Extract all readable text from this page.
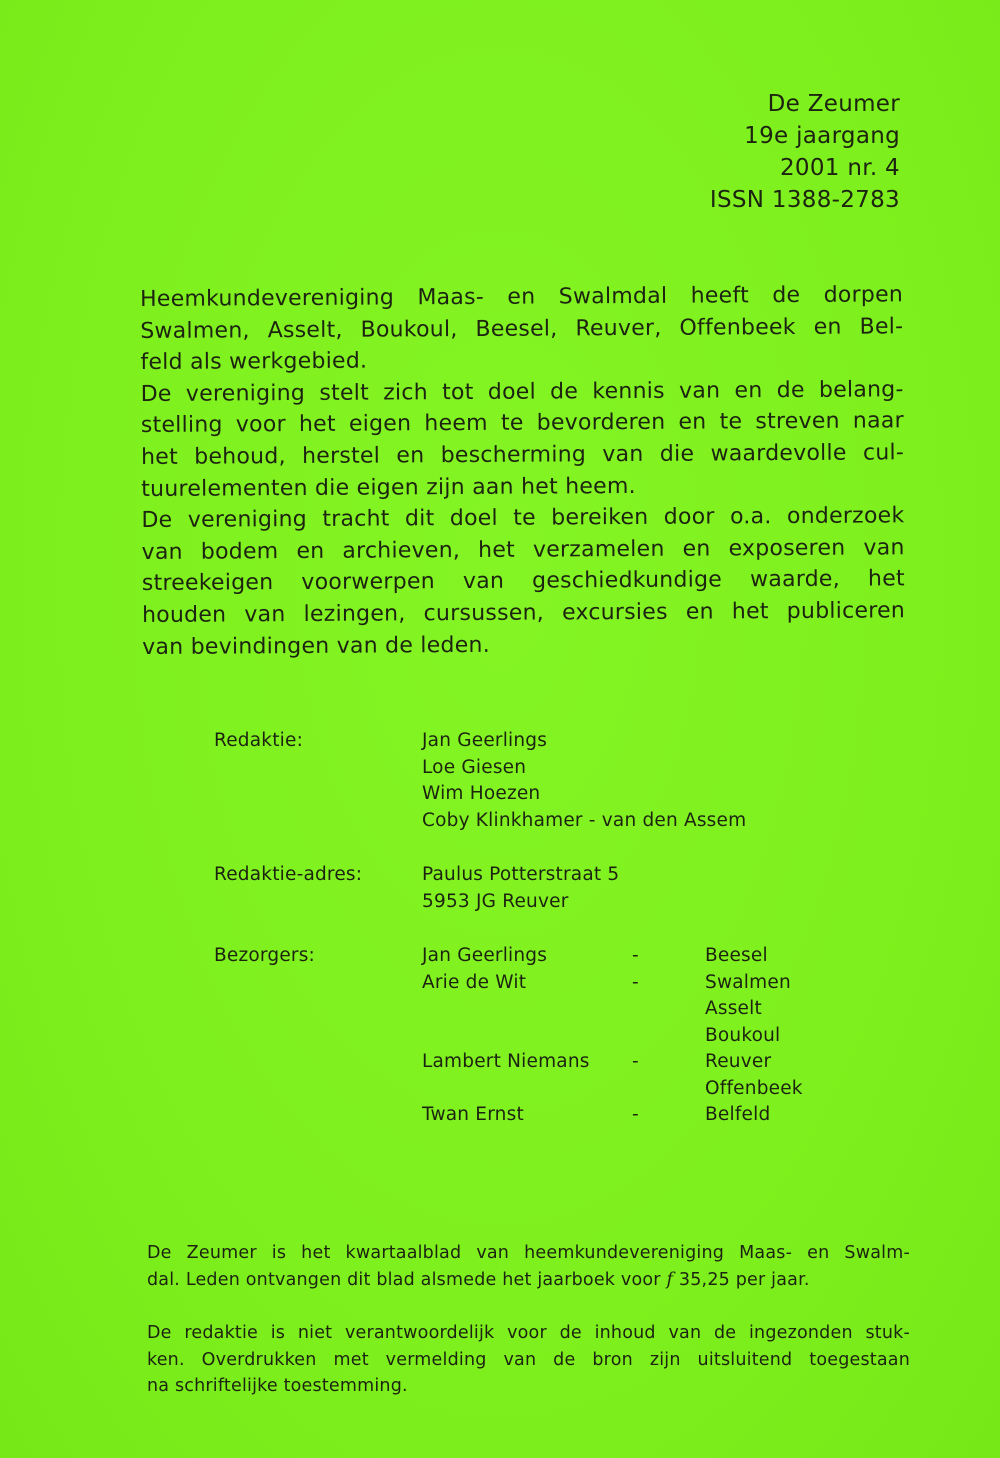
De Zeumer
19e jaargang
2001 nr. 4
ISSN 1388-2783
Heemkundevereniging Maas- en Swalmdal heeft de dorpen
Swalmen, Asselt, Boukoul, Beesel, Reuver, Offenbeek en Bel-
feld als werkgebied.
De vereniging stelt zich tot doel de kennis van en de belang-
stelling voor het eigen heem te bevorderen en te streven naar
het behoud, herstel en bescherming van die waardevolle cul-
tuurelementen die eigen zijn aan het heem.
De vereniging tracht dit doel te bereiken door o.a. onderzoek
van bodem en archieven, het verzamelen en exposeren van
streekeigen voorwerpen van geschiedkundige waarde, het
houden van lezingen, cursussen, excursies en het publiceren
van bevindingen van de leden.
Redaktie:	Jan Geerlings
Loe Giesen
Wim Hoezen
Coby Klinkhamer - van den Assem
Redaktie-adres:	Paulus Potterstraat 5
5953 JG Reuver
Bezorgers:	Jan Geerlings	-	Beesel
Arie de Wit	-	Swalmen
Asselt
Boukoul
Lambert Niemans -	Reuver
Offenbeek
Twan Ernst	-	Belfeld
De Zeumer is het kwartaalblad van heemkundevereniging Maas- en Swalm-
dal. Leden ontvangen dit blad alsmede het jaarboek voor f 35,25 per jaar.
De redaktie is niet verantwoordelijk voor de inhoud van de ingezonden stuk-
ken. Overdrukken met vermelding van de bron zijn uitsluitend toegestaan
na schriftelijke toestemming.
